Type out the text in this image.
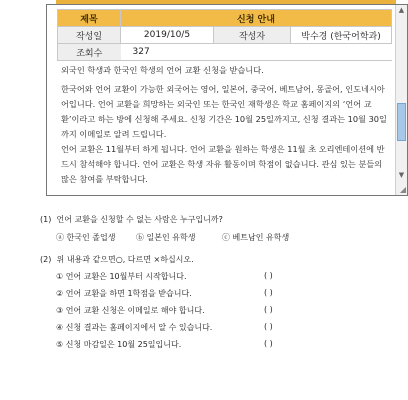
제목	신청 안내		
작성일	2019/10/5	작성자	박수경 (한국어학과)
조회수	327		

외국인 학생과 한국인 학생의 언어 교환 신청을 받습니다.

한국어와 언어 교환이 가능한 외국어는 영어, 일본어, 중국어, 베트남어, 몽골어, 인도네시아어입니다. 언어 교환을 희망하는 외국인 또는 한국인 재학생은 학교 홈페이지의 ‘언어 교환’이라고 하는 방에 신청해 주세요. 신청 기간은 10월 25일까지고, 신청 결과는 10월 30일까지 이메일로 알려 드립니다.

언어 교환은 11월부터 하게 됩니다. 언어 교환을 원하는 학생은 11월 초 오리엔테이션에 반드시 참석해야 합니다. 언어 교환은 학생 자유 활동이며 학점이 없습니다. 관심 있는 분들의 많은 참여를 부탁합니다.

▲
▼
◢
(1) 언어 교환을 신청할 수 없는 사람은 누구입니까?
ⓐ 한국인 졸업생	ⓑ 일본인 유학생	ⓒ 베트남인 유학생
(2) 위 내용과 같으면○, 다르면 ×하십시오.
① 언어 교환은 10월부터 시작합니다.	( )
② 언어 교환을 하면 1학점을 받습니다.	( )
③ 언어 교환 신청은 이메일로 해야 합니다.	( )
④ 신청 결과는 홈페이지에서 알 수 있습니다.	( )
⑤ 신청 마감일은 10월 25일입니다.	( )
